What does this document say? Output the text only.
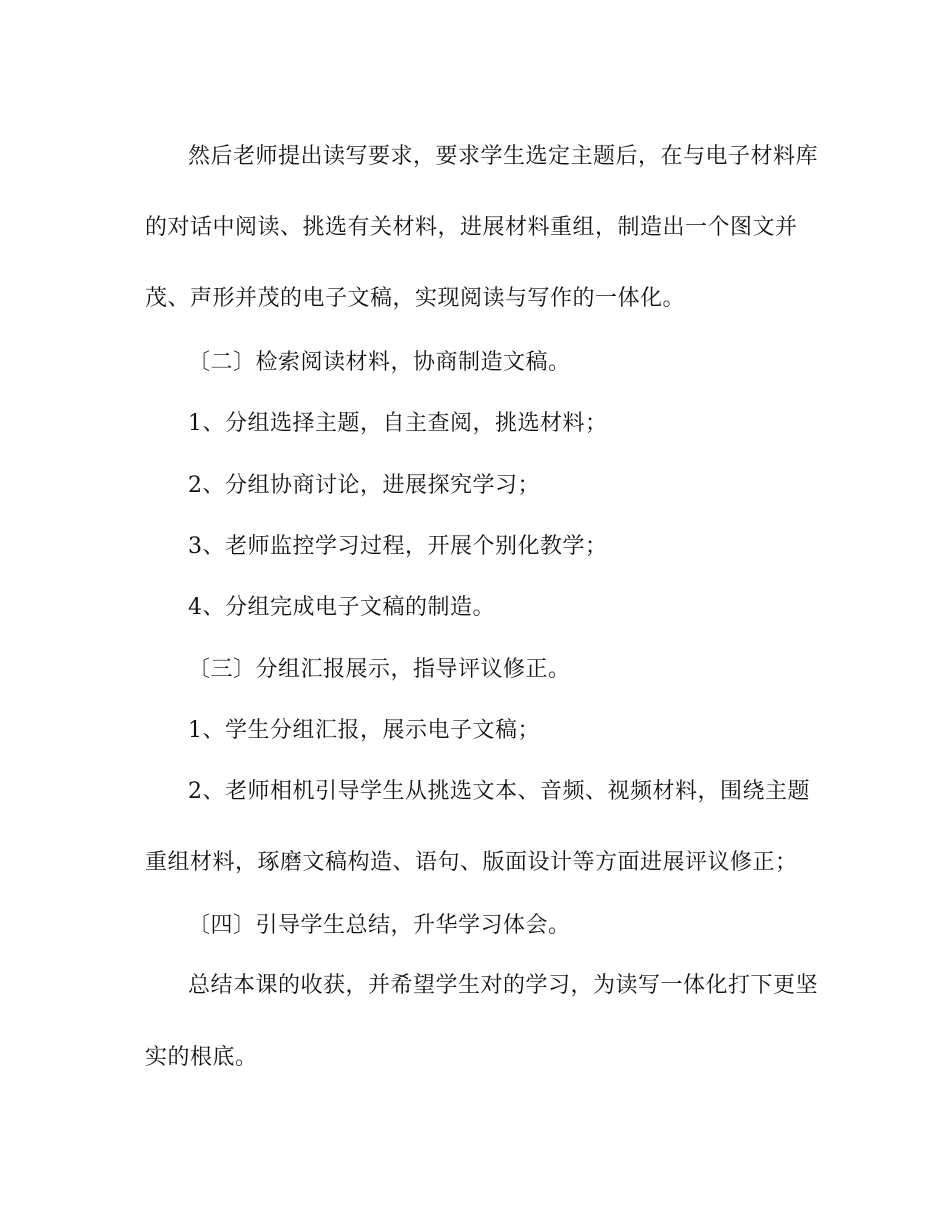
然后老师提出读写要求，要求学生选定主题后，在与电子材料库
的对话中阅读、挑选有关材料，进展材料重组，制造出一个图文并
茂、声形并茂的电子文稿，实现阅读与写作的一体化。
〔二〕检索阅读材料，协商制造文稿。
1、分组选择主题，自主查阅，挑选材料；
2、分组协商讨论，进展探究学习；
3、老师监控学习过程，开展个别化教学；
4、分组完成电子文稿的制造。
〔三〕分组汇报展示，指导评议修正。
1、学生分组汇报，展示电子文稿；
2、老师相机引导学生从挑选文本、音频、视频材料，围绕主题
重组材料，琢磨文稿构造、语句、版面设计等方面进展评议修正；
〔四〕引导学生总结，升华学习体会。
总结本课的收获，并希望学生对的学习，为读写一体化打下更坚
实的根底。
